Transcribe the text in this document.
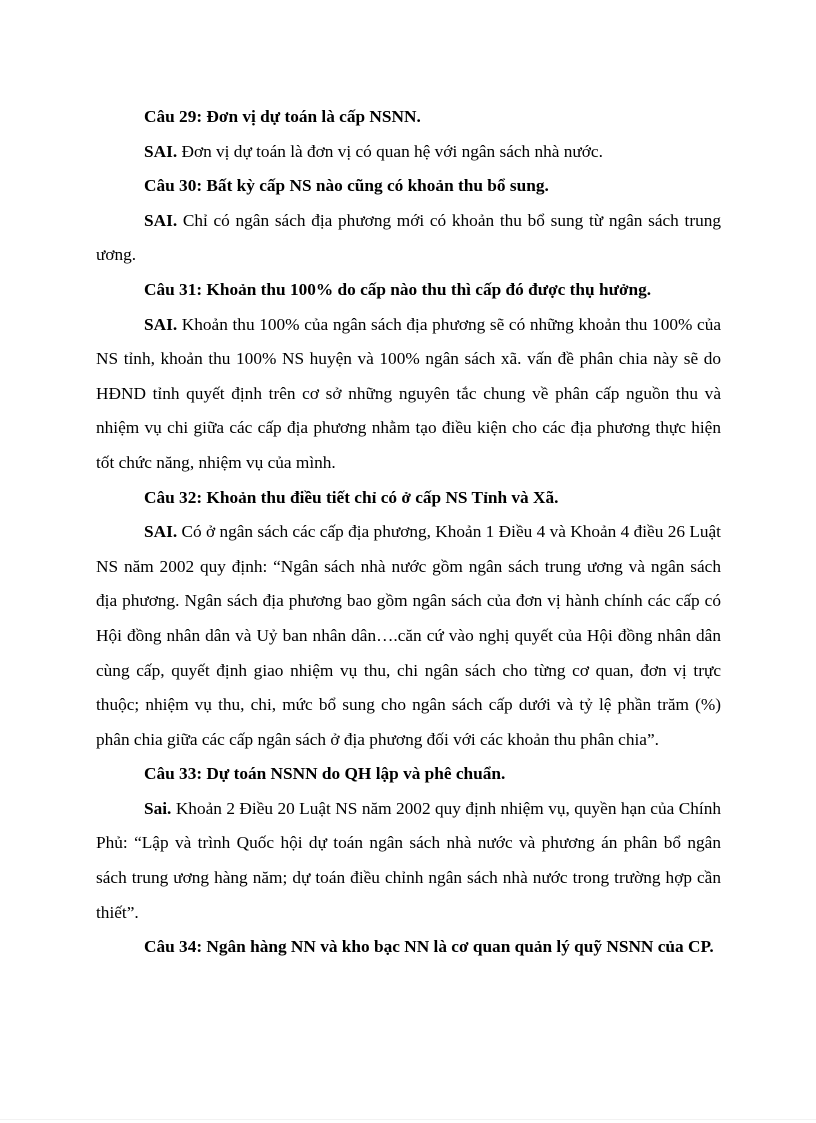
Câu 29: Đơn vị dự toán là cấp NSNN.

SAI. Đơn vị dự toán là đơn vị có quan hệ với ngân sách nhà nước.

Câu 30: Bất kỳ cấp NS nào cũng có khoản thu bổ sung.

SAI. Chỉ có ngân sách địa phương mới có khoản thu bổ sung từ ngân sách trung ương.

Câu 31: Khoản thu 100% do cấp nào thu thì cấp đó được thụ hưởng.

SAI. Khoản thu 100% của ngân sách địa phương sẽ có những khoản thu 100% của NS tỉnh, khoản thu 100% NS huyện và 100% ngân sách xã. vấn đề phân chia này sẽ do HĐND tỉnh quyết định trên cơ sở những nguyên tắc chung về phân cấp nguồn thu và nhiệm vụ chi giữa các cấp địa phương nhằm tạo điều kiện cho các địa phương thực hiện tốt chức năng, nhiệm vụ của mình.

Câu 32: Khoản thu điều tiết chỉ có ở cấp NS Tỉnh và Xã.

SAI. Có ở ngân sách các cấp địa phương, Khoản 1 Điều 4 và Khoản 4 điều 26 Luật NS năm 2002 quy định: “Ngân sách nhà nước gồm ngân sách trung ương và ngân sách địa phương. Ngân sách địa phương bao gồm ngân sách của đơn vị hành chính các cấp có Hội đồng nhân dân và Uỷ ban nhân dân….căn cứ vào nghị quyết của Hội đồng nhân dân cùng cấp, quyết định giao nhiệm vụ thu, chi ngân sách cho từng cơ quan, đơn vị trực thuộc; nhiệm vụ thu, chi, mức bổ sung cho ngân sách cấp dưới và tỷ lệ phần trăm (%) phân chia giữa các cấp ngân sách ở địa phương đối với các khoản thu phân chia”.

Câu 33: Dự toán NSNN do QH lập và phê chuẩn.

Sai. Khoản 2 Điều 20 Luật NS năm 2002 quy định nhiệm vụ, quyền hạn của Chính Phủ: “Lập và trình Quốc hội dự toán ngân sách nhà nước và phương án phân bổ ngân sách trung ương hàng năm; dự toán điều chỉnh ngân sách nhà nước trong trường hợp cần thiết”.

Câu 34: Ngân hàng NN và kho bạc NN là cơ quan quản lý quỹ NSNN của CP.
